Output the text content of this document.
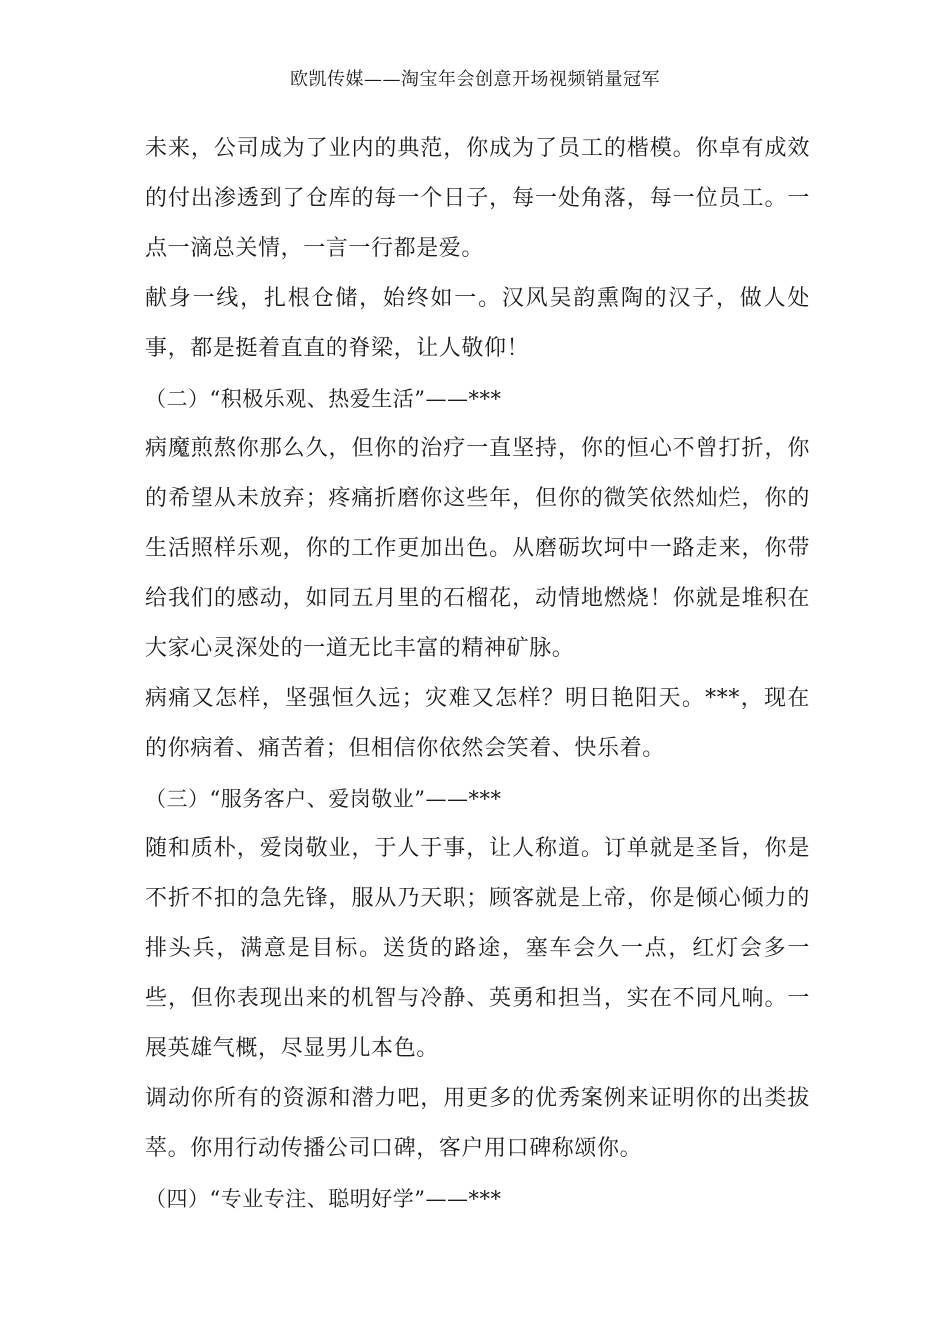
欧凯传媒——淘宝年会创意开场视频销量冠军

未来，公司成为了业内的典范，你成为了员工的楷模。你卓有成效的付出渗透到了仓库的每一个日子，每一处角落，每一位员工。一点一滴总关情，一言一行都是爱。

献身一线，扎根仓储，始终如一。汉风吴韵熏陶的汉子，做人处事，都是挺着直直的脊梁，让人敬仰！

（二）“积极乐观、热爱生活”——***

病魔煎熬你那么久，但你的治疗一直坚持，你的恒心不曾打折，你的希望从未放弃；疼痛折磨你这些年，但你的微笑依然灿烂，你的生活照样乐观，你的工作更加出色。从磨砺坎坷中一路走来，你带给我们的感动，如同五月里的石榴花，动情地燃烧！你就是堆积在大家心灵深处的一道无比丰富的精神矿脉。

病痛又怎样，坚强恒久远；灾难又怎样？明日艳阳天。***，现在的你病着、痛苦着；但相信你依然会笑着、快乐着。

（三）“服务客户、爱岗敬业”——***

随和质朴，爱岗敬业，于人于事，让人称道。订单就是圣旨，你是不折不扣的急先锋，服从乃天职；顾客就是上帝，你是倾心倾力的排头兵，满意是目标。送货的路途，塞车会久一点，红灯会多一些，但你表现出来的机智与冷静、英勇和担当，实在不同凡响。一展英雄气概，尽显男儿本色。

调动你所有的资源和潜力吧，用更多的优秀案例来证明你的出类拔萃。你用行动传播公司口碑，客户用口碑称颂你。

（四）“专业专注、聪明好学”——***
